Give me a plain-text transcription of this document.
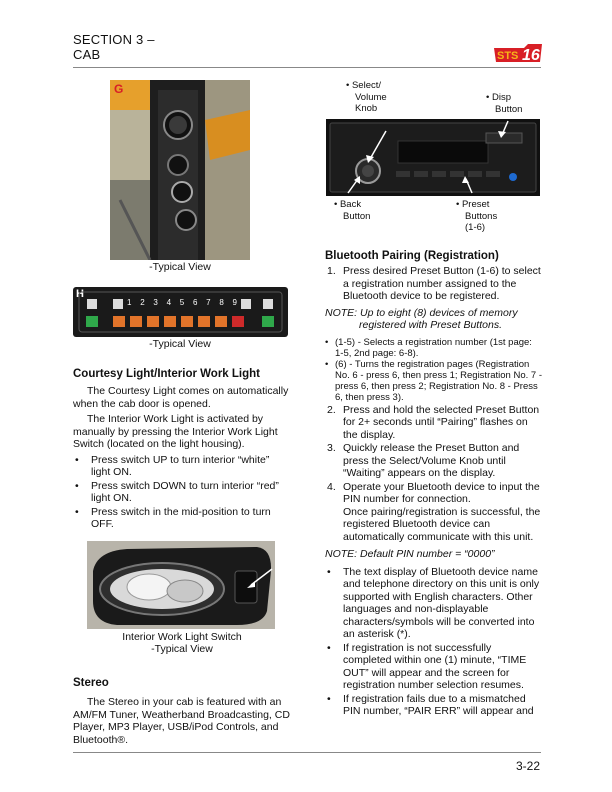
SECTION 3 –
CAB	STS 16
G
-Typical View
H
1 2 3 4 5 6 7 8 9
-Typical View
Courtesy Light/Interior Work Light
The Courtesy Light comes on automatically when the cab door is opened.
The Interior Work Light is activated by manually by pressing the Interior Work Light Switch (located on the light housing).
• Press switch UP to turn interior “white” light ON.
• Press switch DOWN to turn interior “red” light ON.
• Press switch in the mid-position to turn OFF.
Interior Work Light Switch
-Typical View
Stereo
The Stereo in your cab is featured with an AM/FM Tuner, Weatherband Broadcasting, CD Player, MP3 Player, USB/iPod Controls, and Bluetooth®.
• Select/
Volume
Knob
• Disp
Button
• Back
Button
• Preset
Buttons
(1-6)
Bluetooth Pairing (Registration)
1. Press desired Preset Button (1-6) to select a registration number assigned to the Bluetooth device to be registered.
NOTE: Up to eight (8) devices of memory
registered with Preset Buttons.
• (1-5) - Selects a registration number (1st page: 1-5, 2nd page: 6-8).
• (6) - Turns the registration pages (Registration No. 6 - press 6, then press 1; Registration No. 7 - press 6, then press 2; Registration No. 8 - Press 6, then press 3).
2. Press and hold the selected Preset Button for 2+ seconds until “Pairing” flashes on the display.
3. Quickly release the Preset Button and press the Select/Volume Knob until “Waiting” appears on the display.
4. Operate your Bluetooth device to input the PIN number for connection.
Once pairing/registration is successful, the registered Bluetooth device can automatically communicate with this unit.
NOTE: Default PIN number = “0000”
• The text display of Bluetooth device name and telephone directory on this unit is only supported with English characters. Other languages and non-displayable characters/symbols will be converted into an asterisk (*).
• If registration is not successfully completed within one (1) minute, “TIME OUT” will appear and the screen for registration number selection resumes.
• If registration fails due to a mismatched PIN number, “PAIR ERR” will appear and
3-22
